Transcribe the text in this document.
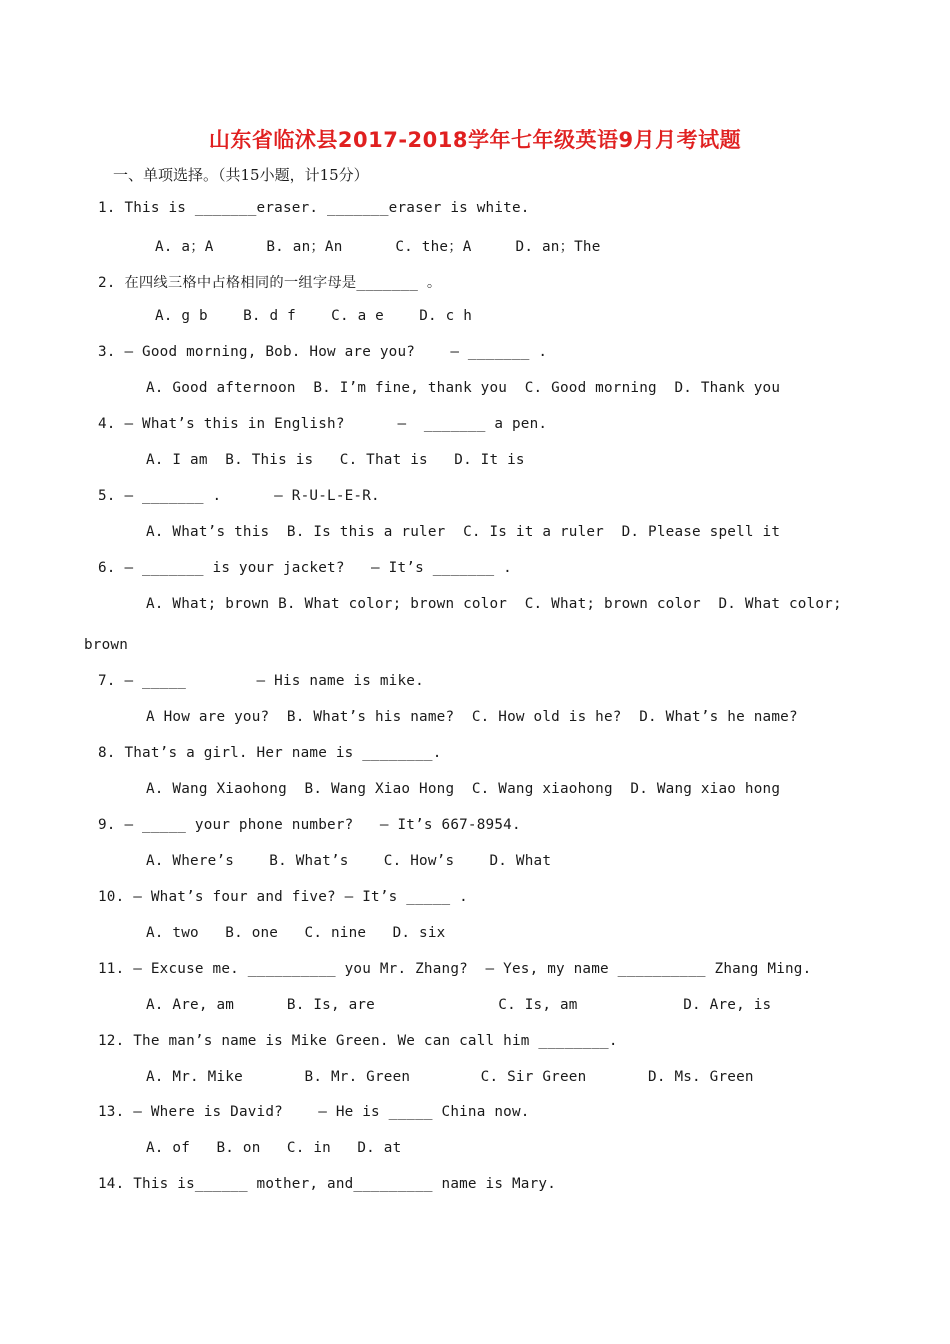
山东省临沭县2017-2018学年七年级英语9月月考试题
一、单项选择。（共15小题，计15分）
1. This is _______eraser. _______eraser is white.
A. a；A      B. an；An      C. the；A     D. an；The
2. 在四线三格中占格相同的一组字母是_______ 。
A. g b    B. d f    C. a e    D. c h
3. — Good morning, Bob. How are you?    — _______ .
A. Good afternoon  B. I’m fine, thank you  C. Good morning  D. Thank you
4. — What’s this in English?      —  _______ a pen.
A. I am  B. This is   C. That is   D. It is
5. — _______ .      — R-U-L-E-R.
A. What’s this  B. Is this a ruler  C. Is it a ruler  D. Please spell it
6. — _______ is your jacket?   — It’s _______ .
A. What; brown B. What color; brown color  C. What; brown color  D. What color;
brown
7. — _____        — His name is mike.
A How are you?  B. What’s his name?  C. How old is he?  D. What’s he name?
8. That’s a girl. Her name is ________.
A. Wang Xiaohong  B. Wang Xiao Hong  C. Wang xiaohong  D. Wang xiao hong
9. — _____ your phone number?   — It’s 667-8954.
A. Where’s    B. What’s    C. How’s    D. What
10. — What’s four and five? — It’s _____ .
A. two   B. one   C. nine   D. six
11. — Excuse me. __________ you Mr. Zhang?  — Yes, my name __________ Zhang Ming.
A. Are, am      B. Is, are              C. Is, am            D. Are, is
12. The man’s name is Mike Green. We can call him ________.
A. Mr. Mike       B. Mr. Green        C. Sir Green       D. Ms. Green
13. — Where is David?    — He is _____ China now.
A. of   B. on   C. in   D. at
14. This is______ mother, and_________ name is Mary.
